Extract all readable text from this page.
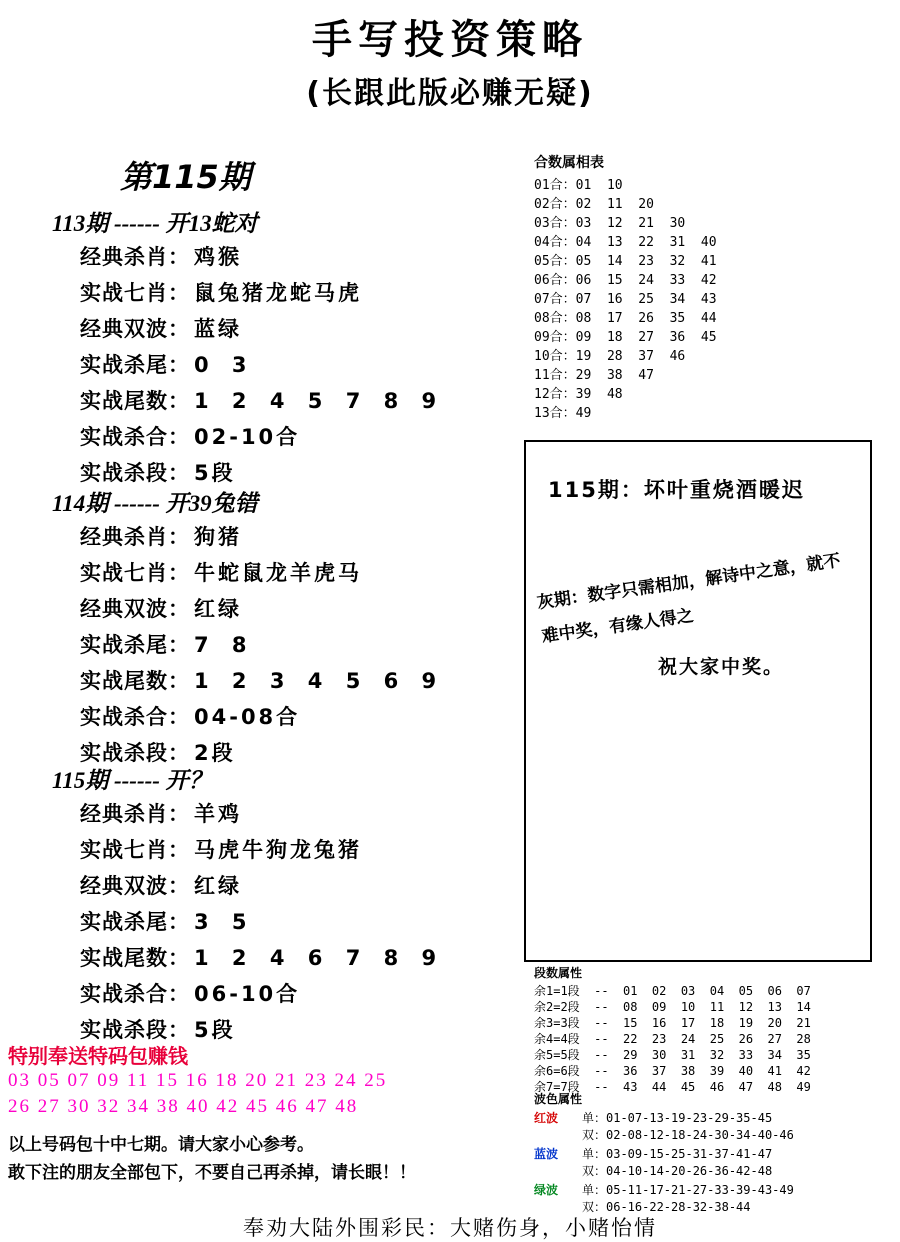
手写投资策略
(长跟此版必赚无疑)
第115期
113期 ------ 开13蛇对
经典杀肖： 鸡猴
实战七肖： 鼠兔猪龙蛇马虎
经典双波： 蓝绿
实战杀尾： 0 3
实战尾数： 1 2 4 5 7 8 9
实战杀合： 02-10合
实战杀段： 5段
114期 ------ 开39兔错
经典杀肖： 狗猪
实战七肖： 牛蛇鼠龙羊虎马
经典双波： 红绿
实战杀尾： 7 8
实战尾数： 1 2 3 4 5 6 9
实战杀合： 04-08合
实战杀段： 2段
115期 ------ 开？
经典杀肖： 羊鸡
实战七肖： 马虎牛狗龙兔猪
经典双波： 红绿
实战杀尾： 3 5
实战尾数： 1 2 4 6 7 8 9
实战杀合： 06-10合
实战杀段： 5段
特别奉送特码包赚钱
03 05 07 09 11 15 16 18 20 21 23 24 25
26 27 30 32 34 38 40 42 45 46 47 48
以上号码包十中七期。请大家小心参考。
敢下注的朋友全部包下，不要自己再杀掉，请长眼！！
奉劝大陆外围彩民：大赌伤身，小赌怡情
合数属相表
01合：01  10
02合：02  11  20
03合：03  12  21  30
04合：04  13  22  31  40
05合：05  14  23  32  41
06合：06  15  24  33  42
07合：07  16  25  34  43
08合：08  17  26  35  44
09合：09  18  27  36  45
10合：19  28  37  46
11合：29  38  47
12合：39  48
13合：49
115期：坏叶重烧酒暖迟
灰期：数字只需相加，解诗中之意，就不难中奖，有缘人得之
祝大家中奖。
段数属性
余1=1段  --  01  02  03  04  05  06  07
余2=2段  --  08  09  10  11  12  13  14
余3=3段  --  15  16  17  18  19  20  21
余4=4段  --  22  23  24  25  26  27  28
余5=5段  --  29  30  31  32  33  34  35
余6=6段  --  36  37  38  39  40  41  42
余7=7段  --  43  44  45  46  47  48  49
波色属性
红波	单：01-07-13-19-23-29-35-45
双：02-08-12-18-24-30-34-40-46
蓝波	单：03-09-15-25-31-37-41-47
双：04-10-14-20-26-36-42-48
绿波	单：05-11-17-21-27-33-39-43-49
双：06-16-22-28-32-38-44
